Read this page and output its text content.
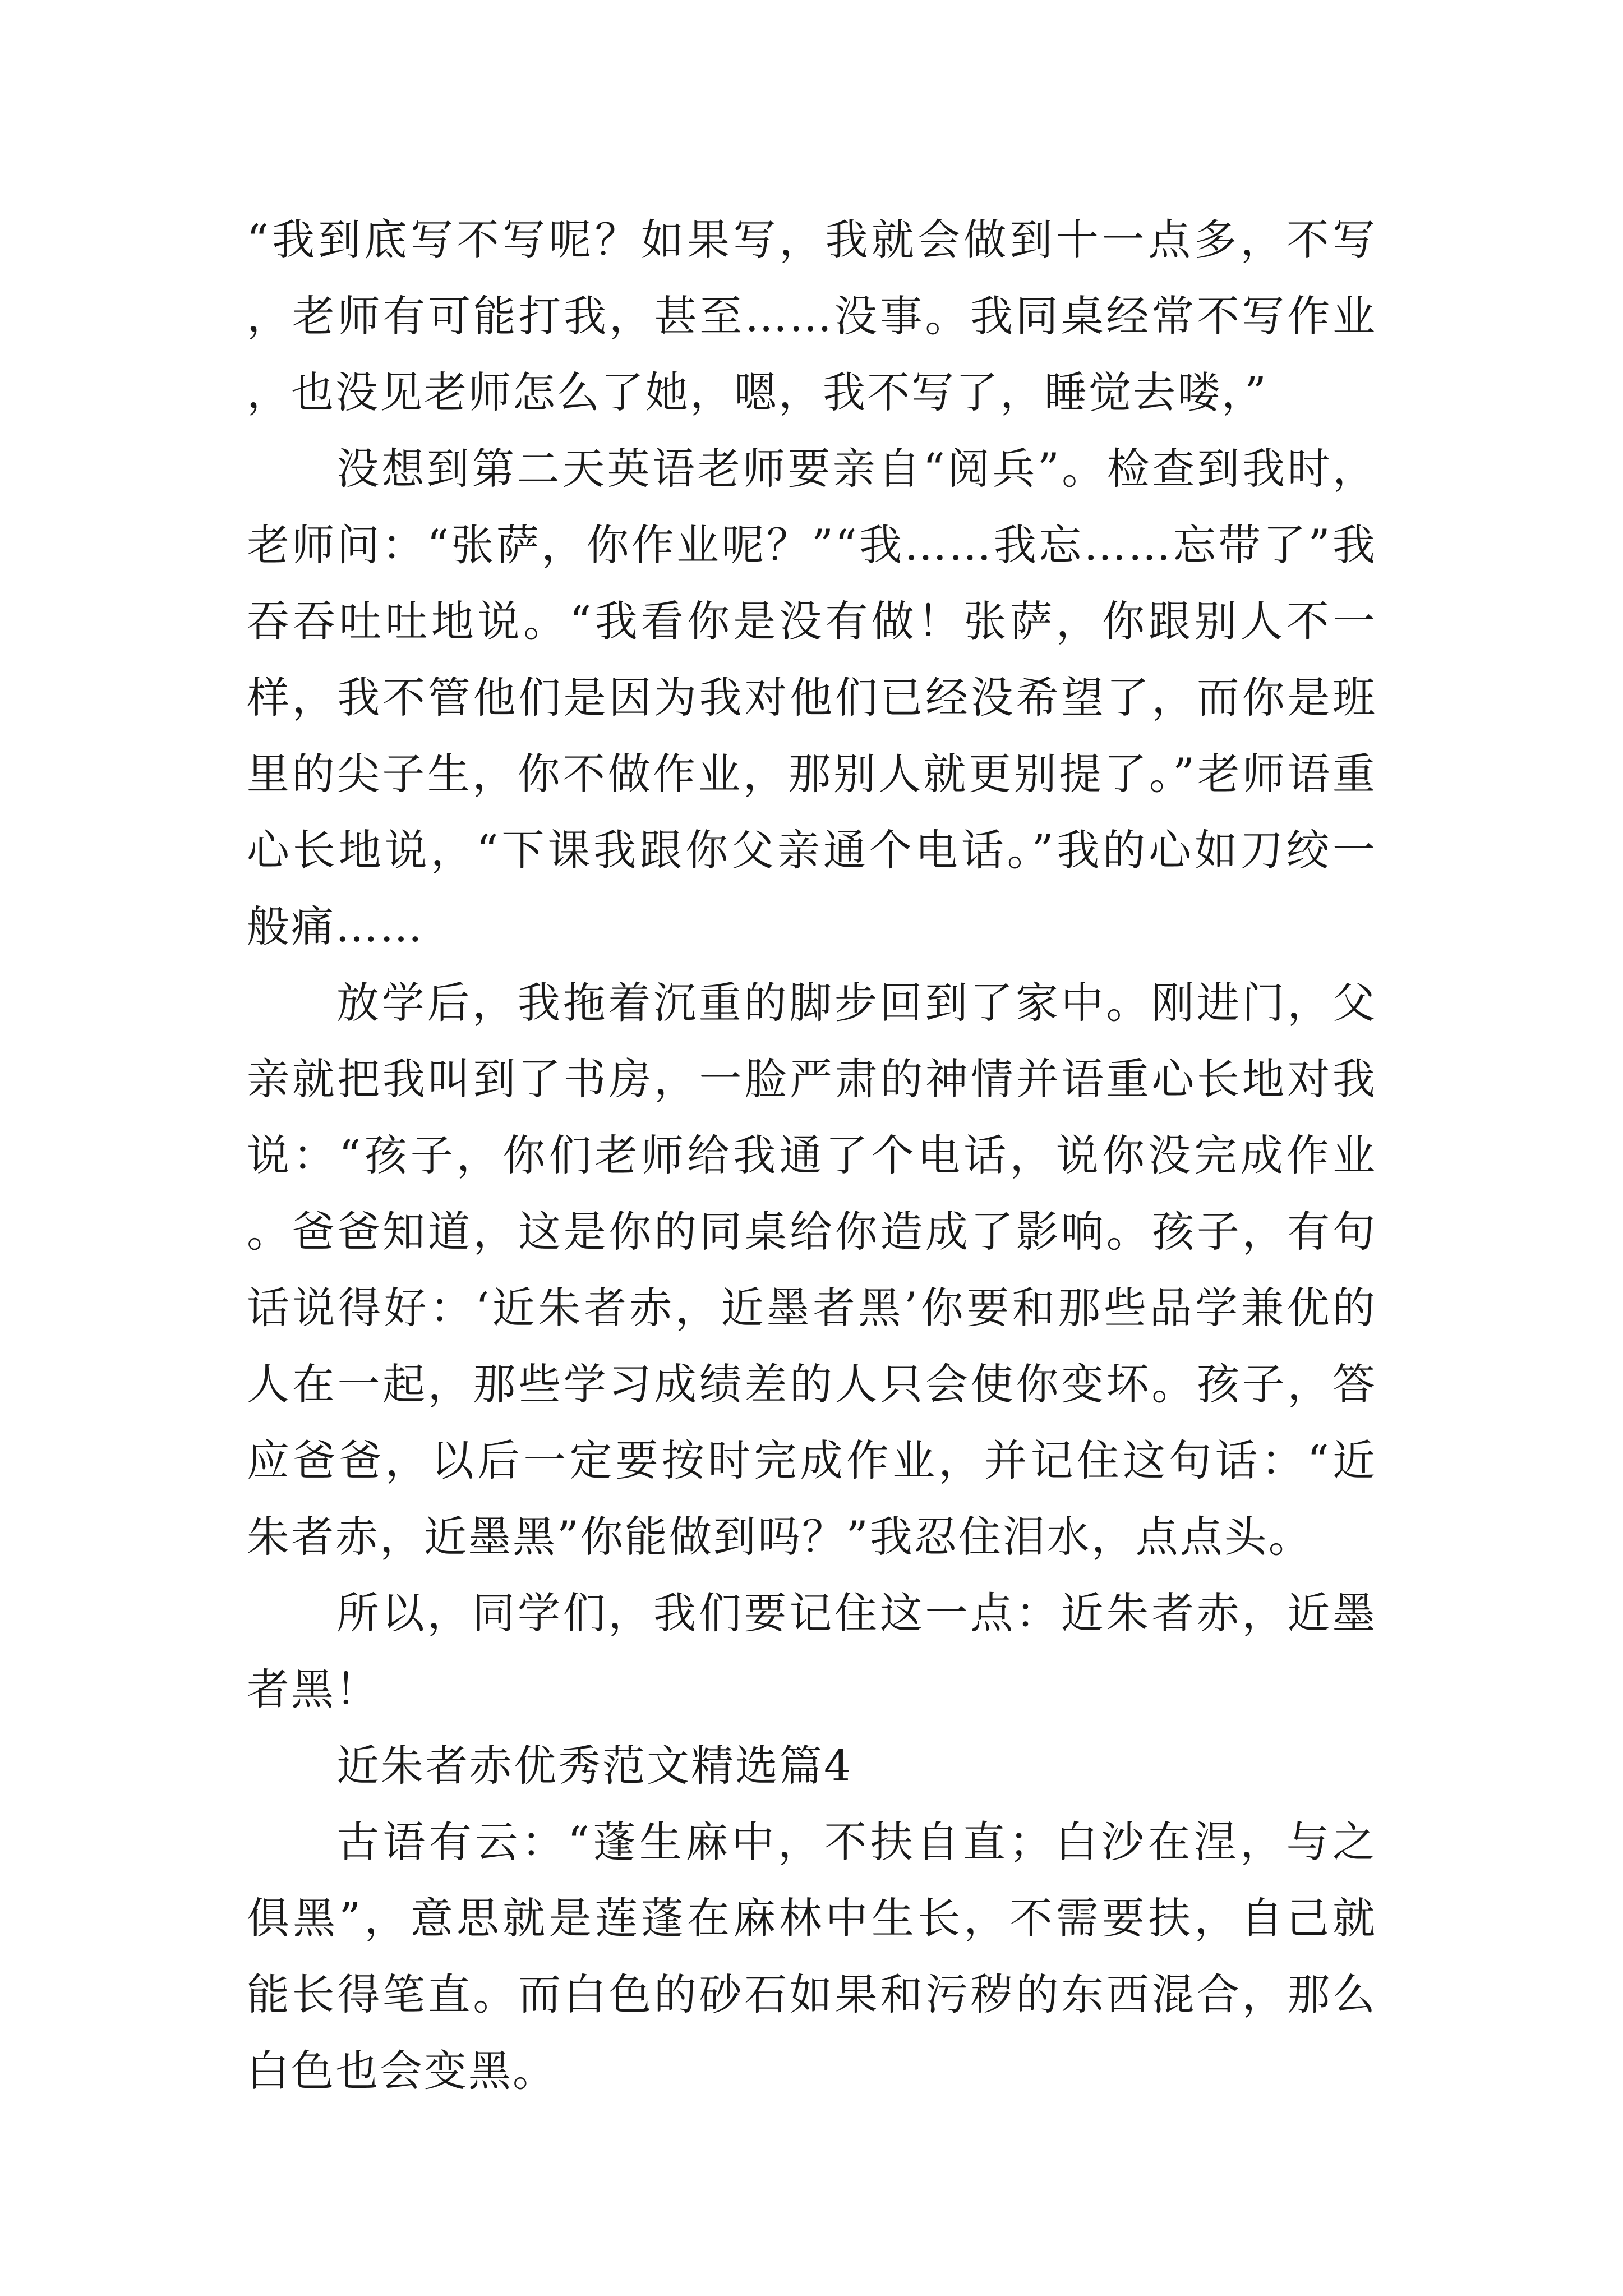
“我到底写不写呢？如果写，我就会做到十一点多，不写，老师有可能打我，甚至……没事。我同桌经常不写作业，也没见老师怎么了她，嗯，我不写了，睡觉去喽，”

没想到第二天英语老师要亲自“阅兵”。检查到我时，老师问：“张萨，你作业呢？”“我……我忘……忘带了”我吞吞吐吐地说。“我看你是没有做！张萨，你跟别人不一样，我不管他们是因为我对他们已经没希望了，而你是班里的尖子生，你不做作业，那别人就更别提了。”老师语重心长地说，“下课我跟你父亲通个电话。”我的心如刀绞一般痛……

放学后，我拖着沉重的脚步回到了家中。刚进门，父亲就把我叫到了书房，一脸严肃的神情并语重心长地对我说：“孩子，你们老师给我通了个电话，说你没完成作业。爸爸知道，这是你的同桌给你造成了影响。孩子，有句话说得好：‘近朱者赤，近墨者黑’你要和那些品学兼优的人在一起，那些学习成绩差的人只会使你变坏。孩子，答应爸爸，以后一定要按时完成作业，并记住这句话：“近朱者赤，近墨黑”你能做到吗？”我忍住泪水，点点头。

所以，同学们，我们要记住这一点：近朱者赤，近墨者黑！

近朱者赤优秀范文精选篇4

古语有云：“蓬生麻中，不扶自直；白沙在涅，与之俱黑”，意思就是莲蓬在麻林中生长，不需要扶，自己就能长得笔直。而白色的砂石如果和污秽的东西混合，那么白色也会变黑。
